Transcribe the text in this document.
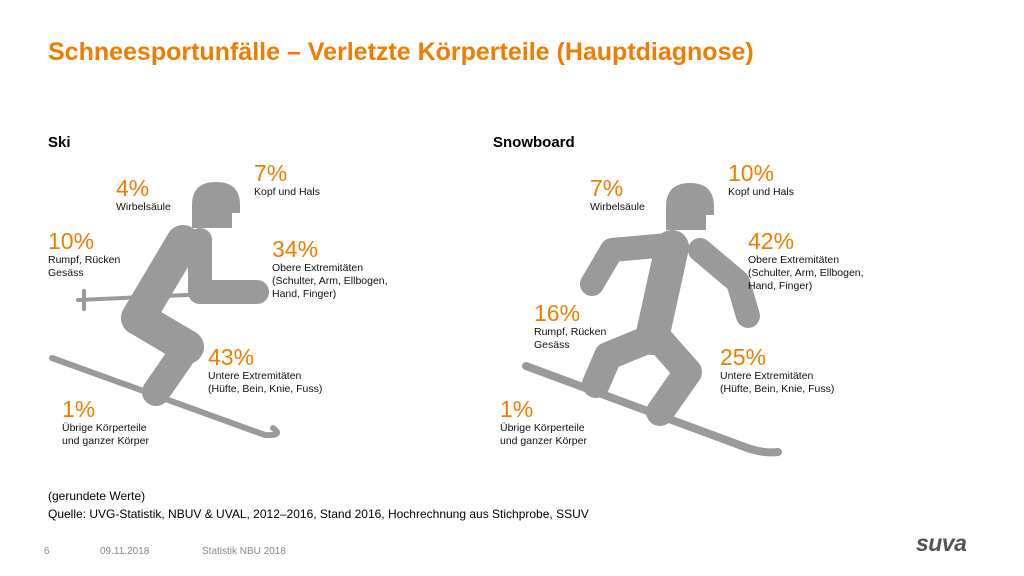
Schneesportunfälle – Verletzte Körperteile (Hauptdiagnose)
Ski	Snowboard
7%
Kopf und Hals
4%
Wirbelsäule
10%
Rumpf, Rücken
Gesäss
34%
Obere Extremitäten
(Schulter, Arm, Ellbogen,
Hand, Finger)
43%
Untere Extremitäten
(Hüfte, Bein, Knie, Fuss)
1%
Übrige Körperteile
und ganzer Körper
10%
Kopf und Hals
7%
Wirbelsäule
42%
Obere Extremitäten
(Schulter, Arm, Ellbogen,
Hand, Finger)
16%
Rumpf, Rücken
Gesäss	25%
Untere Extremitäten
(Hüfte, Bein, Knie, Fuss)
1%
Übrige Körperteile
und ganzer Körper
(gerundete Werte)
Quelle: UVG-Statistik, NBUV & UVAL, 2012–2016, Stand 2016, Hochrechnung aus Stichprobe, SSUV
6	09.11.2018	Statistik NBU 2018	suva
